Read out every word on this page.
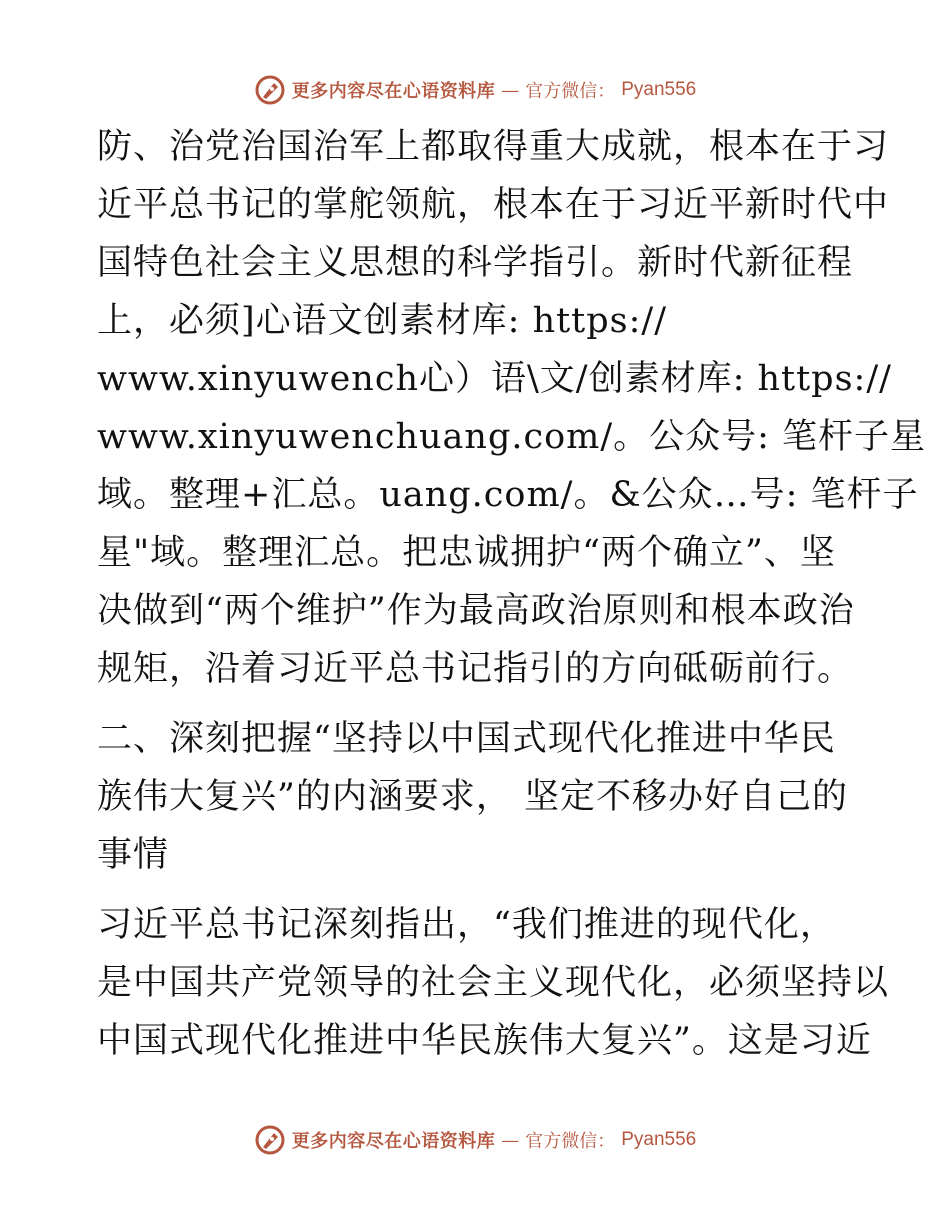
更多内容尽在心语资料库 — 官方微信： Pyan556
防、治党治国治军上都取得重大成就，根本在于习
近平总书记的掌舵领航，根本在于习近平新时代中
国特色社会主义思想的科学指引。新时代新征程
上，必须]心语文创素材库: https://
www.xinyuwench心）语\文/创素材库: https://
www.xinyuwenchuang.com/。公众号: 笔杆子星
域。整理+汇总。uang.com/。&公众…号: 笔杆子
星"域。整理汇总。把忠诚拥护“两个确立”、坚
决做到“两个维护”作为最高政治原则和根本政治
规矩，沿着习近平总书记指引的方向砥砺前行。
二、深刻把握“坚持以中国式现代化推进中华民
族伟大复兴”的内涵要求， 坚定不移办好自己的
事情
习近平总书记深刻指出，“我们推进的现代化，
是中国共产党领导的社会主义现代化，必须坚持以
中国式现代化推进中华民族伟大复兴”。这是习近
更多内容尽在心语资料库 — 官方微信： Pyan556
